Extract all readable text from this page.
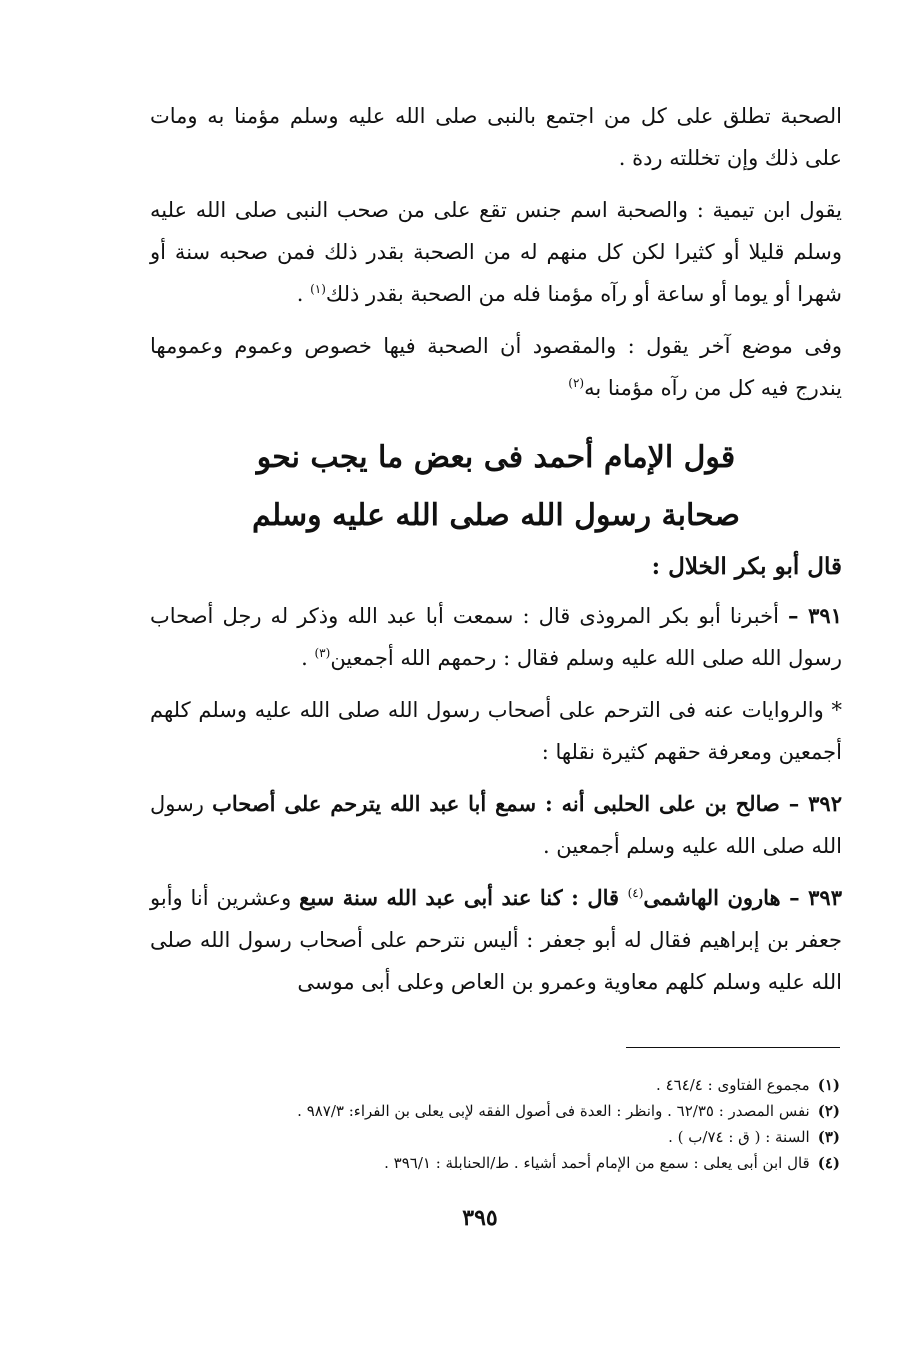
الصحبة تطلق على كل من اجتمع بالنبى صلى الله عليه وسلم مؤمنا به ومات على ذلك وإن تخللته ردة .

يقول ابن تيمية : والصحبة اسم جنس تقع على من صحب النبى صلى الله عليه وسلم قليلا أو كثيرا لكن كل منهم له من الصحبة بقدر ذلك فمن صحبه سنة أو شهرا أو يوما أو ساعة أو رآه مؤمنا فله من الصحبة بقدر ذلك$^{(١)}$ .

وفى موضع آخر يقول : والمقصود أن الصحبة فيها خصوص وعموم وعمومها يندرج فيه كل من رآه مؤمنا به$^{(٢)}$

قول الإمام أحمد فى بعض ما يجب نحو
صحابة رسول الله صلى الله عليه وسلم
قال أبو بكر الخلال :

٣٩١ – أخبرنا أبو بكر المروذى قال : سمعت أبا عبد الله وذكر له رجل أصحاب رسول الله صلى الله عليه وسلم فقال : رحمهم الله أجمعين$^{(٣)}$ .

* والروايات عنه فى الترحم على أصحاب رسول الله صلى الله عليه وسلم كلهم أجمعين ومعرفة حقهم كثيرة نقلها :

٣٩٢ – صالح بن على الحلبى أنه : سمع أبا عبد الله يترحم على أصحاب رسول الله صلى الله عليه وسلم أجمعين .

٣٩٣ – هارون الهاشمى$^{(٤)}$ قال : كنا عند أبى عبد الله سنة سبع وعشرين أنا وأبو جعفر بن إبراهيم فقال له أبو جعفر : أليس نترحم على أصحاب رسول الله صلى الله عليه وسلم كلهم معاوية وعمرو بن العاص وعلى أبى موسى

(١)مجموع الفتاوى : ٤٦٤/٤ .
(٢)نفس المصدر : ٦٢/٣٥ . وانظر : العدة فى أصول الفقه لإبى يعلى بن الفراء: ٩٨٧/٣ .
(٣)السنة : ( ق : ٧٤/ب ) .
(٤)قال ابن أبى يعلى : سمع من الإمام أحمد أشياء . ط/الحنابلة : ٣٩٦/١ .
٣٩٥
